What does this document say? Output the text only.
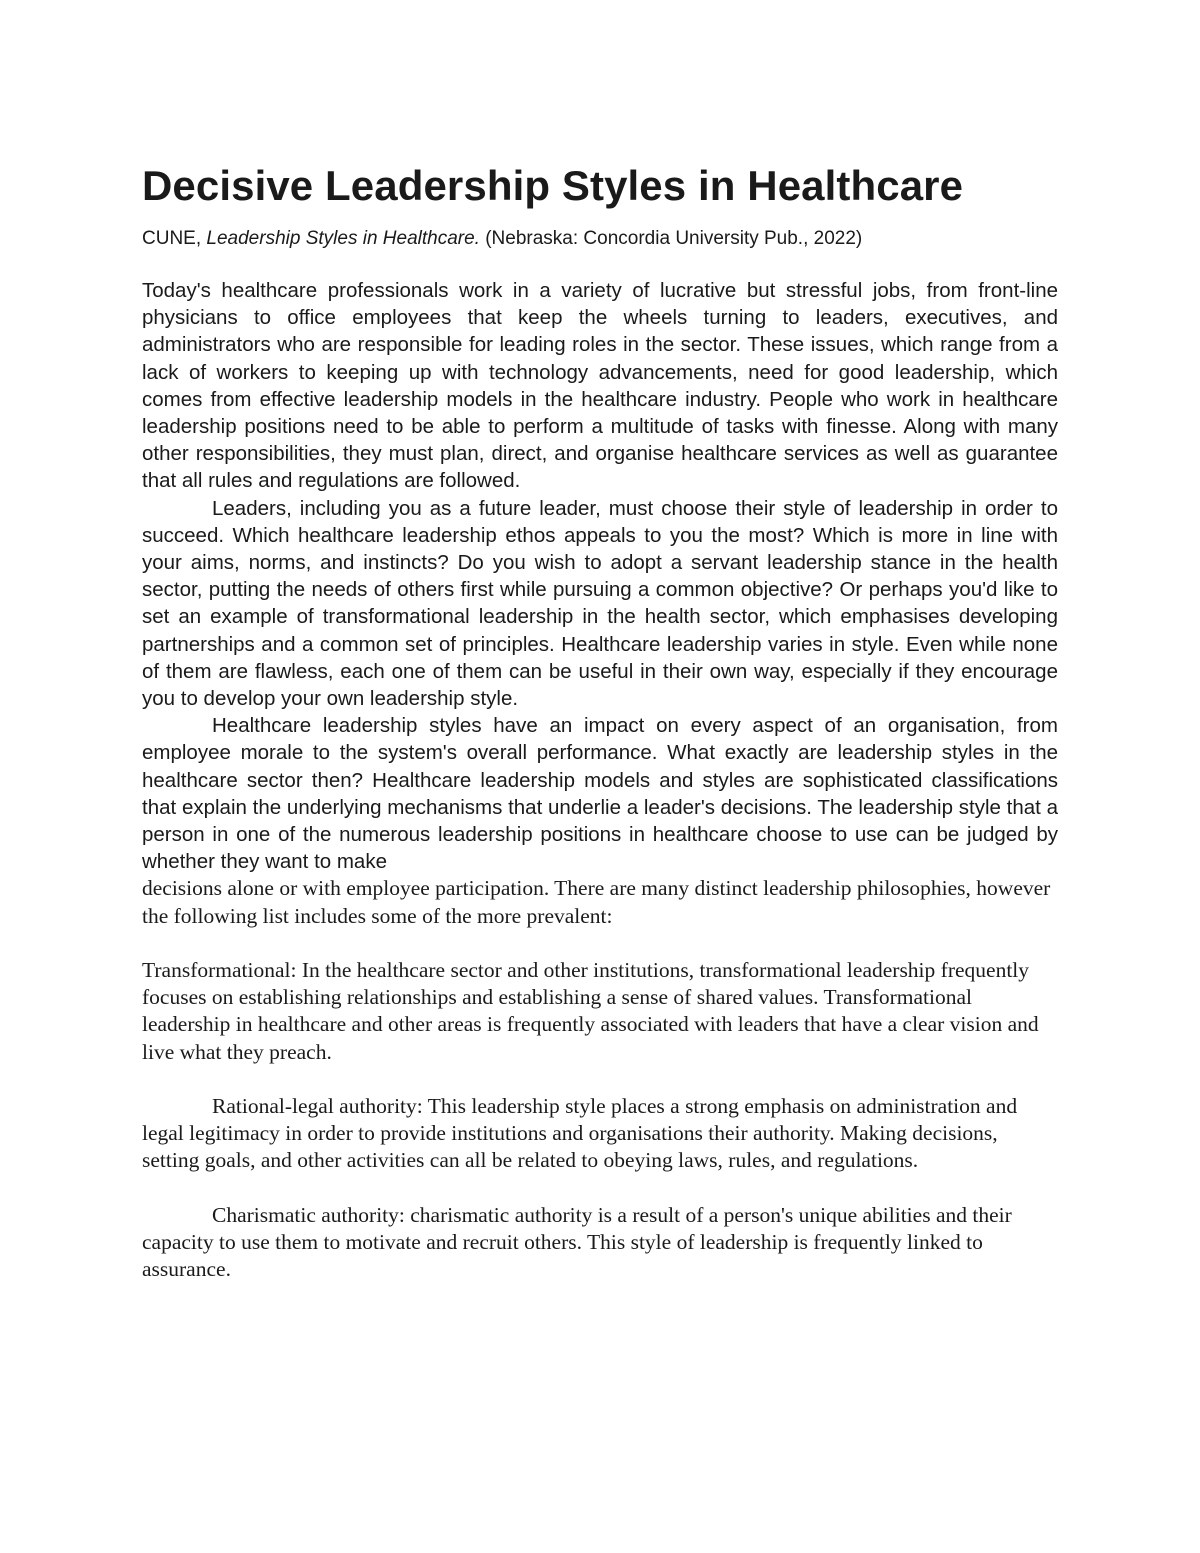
Decisive Leadership Styles in Healthcare
CUNE, Leadership Styles in Healthcare. (Nebraska: Concordia University Pub., 2022)

Today's healthcare professionals work in a variety of lucrative but stressful jobs, from front-line physicians to office employees that keep the wheels turning to leaders, executives, and administrators who are responsible for leading roles in the sector. These issues, which range from a lack of workers to keeping up with technology advancements, need for good leadership, which comes from effective leadership models in the healthcare industry. People who work in healthcare leadership positions need to be able to perform a multitude of tasks with finesse. Along with many other responsibilities, they must plan, direct, and organise healthcare services as well as guarantee that all rules and regulations are followed.

Leaders, including you as a future leader, must choose their style of leadership in order to succeed. Which healthcare leadership ethos appeals to you the most? Which is more in line with your aims, norms, and instincts? Do you wish to adopt a servant leadership stance in the health sector, putting the needs of others first while pursuing a common objective? Or perhaps you'd like to set an example of transformational leadership in the health sector, which emphasises developing partnerships and a common set of principles. Healthcare leadership varies in style. Even while none of them are flawless, each one of them can be useful in their own way, especially if they encourage you to develop your own leadership style.

Healthcare leadership styles have an impact on every aspect of an organisation, from employee morale to the system's overall performance. What exactly are leadership styles in the healthcare sector then? Healthcare leadership models and styles are sophisticated classifications that explain the underlying mechanisms that underlie a leader's decisions. The leadership style that a person in one of the numerous leadership positions in healthcare choose to use can be judged by whether they want to make

decisions alone or with employee participation. There are many distinct leadership philosophies, however the following list includes some of the more prevalent:

Transformational: In the healthcare sector and other institutions, transformational leadership frequently focuses on establishing relationships and establishing a sense of shared values. Transformational leadership in healthcare and other areas is frequently associated with leaders that have a clear vision and live what they preach.

Rational-legal authority: This leadership style places a strong emphasis on administration and legal legitimacy in order to provide institutions and organisations their authority. Making decisions, setting goals, and other activities can all be related to obeying laws, rules, and regulations.

Charismatic authority: charismatic authority is a result of a person's unique abilities and their capacity to use them to motivate and recruit others. This style of leadership is frequently linked to assurance.
